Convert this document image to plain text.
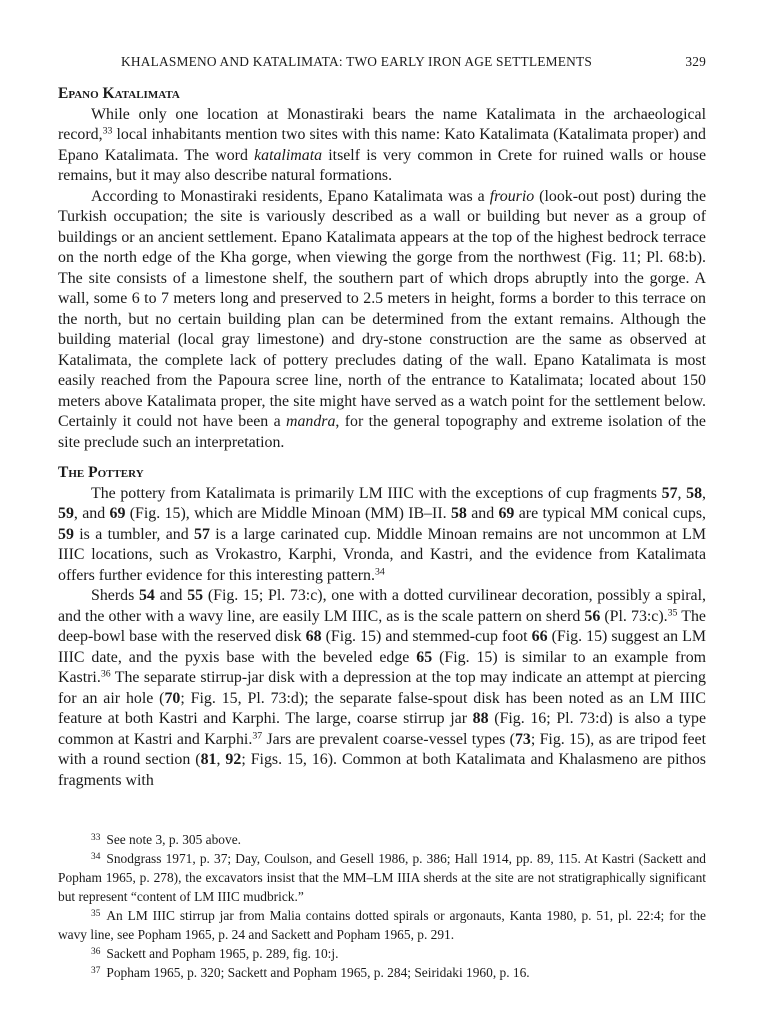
KHALASMENO AND KATALIMATA: TWO EARLY IRON AGE SETTLEMENTS	329
Epano Katalimata

While only one location at Monastiraki bears the name Katalimata in the archaeological record,$^{33}$ local inhabitants mention two sites with this name: Kato Katalimata (Katalimata proper) and Epano Katalimata. The word katalimata itself is very common in Crete for ruined walls or house remains, but it may also describe natural formations.

According to Monastiraki residents, Epano Katalimata was a frourio (look-out post) during the Turkish occupation; the site is variously described as a wall or building but never as a group of buildings or an ancient settlement. Epano Katalimata appears at the top of the highest bedrock terrace on the north edge of the Kha gorge, when viewing the gorge from the northwest (Fig. 11; Pl. 68:b). The site consists of a limestone shelf, the southern part of which drops abruptly into the gorge. A wall, some 6 to 7 meters long and preserved to 2.5 meters in height, forms a border to this terrace on the north, but no certain building plan can be determined from the extant remains. Although the building material (local gray limestone) and dry-stone construction are the same as observed at Katalimata, the complete lack of pottery precludes dating of the wall. Epano Katalimata is most easily reached from the Papoura scree line, north of the entrance to Katalimata; located about 150 meters above Katalimata proper, the site might have served as a watch point for the settlement below. Certainly it could not have been a mandra, for the general topography and extreme isolation of the site preclude such an interpretation.

The Pottery

The pottery from Katalimata is primarily LM IIIC with the exceptions of cup fragments 57, 58, 59, and 69 (Fig. 15), which are Middle Minoan (MM) IB–II. 58 and 69 are typical MM conical cups, 59 is a tumbler, and 57 is a large carinated cup. Middle Minoan remains are not uncommon at LM IIIC locations, such as Vrokastro, Karphi, Vronda, and Kastri, and the evidence from Katalimata offers further evidence for this interesting pattern.$^{34}$

Sherds 54 and 55 (Fig. 15; Pl. 73:c), one with a dotted curvilinear decoration, possibly a spiral, and the other with a wavy line, are easily LM IIIC, as is the scale pattern on sherd 56 (Pl. 73:c).$^{35}$ The deep-bowl base with the reserved disk 68 (Fig. 15) and stemmed-cup foot 66 (Fig. 15) suggest an LM IIIC date, and the pyxis base with the beveled edge 65 (Fig. 15) is similar to an example from Kastri.$^{36}$ The separate stirrup-jar disk with a depression at the top may indicate an attempt at piercing for an air hole (70; Fig. 15, Pl. 73:d); the separate false-spout disk has been noted as an LM IIIC feature at both Kastri and Karphi. The large, coarse stirrup jar 88 (Fig. 16; Pl. 73:d) is also a type common at Kastri and Karphi.$^{37}$ Jars are prevalent coarse-vessel types (73; Fig. 15), as are tripod feet with a round section (81, 92; Figs. 15, 16). Common at both Katalimata and Khalasmeno are pithos fragments with

$^{33}$ See note 3, p. 305 above.

$^{34}$ Snodgrass 1971, p. 37; Day, Coulson, and Gesell 1986, p. 386; Hall 1914, pp. 89, 115. At Kastri (Sackett and Popham 1965, p. 278), the excavators insist that the MM–LM IIIA sherds at the site are not stratigraphically significant but represent “content of LM IIIC mudbrick.”

$^{35}$ An LM IIIC stirrup jar from Malia contains dotted spirals or argonauts, Kanta 1980, p. 51, pl. 22:4; for the wavy line, see Popham 1965, p. 24 and Sackett and Popham 1965, p. 291.

$^{36}$ Sackett and Popham 1965, p. 289, fig. 10:j.

$^{37}$ Popham 1965, p. 320; Sackett and Popham 1965, p. 284; Seiridaki 1960, p. 16.
